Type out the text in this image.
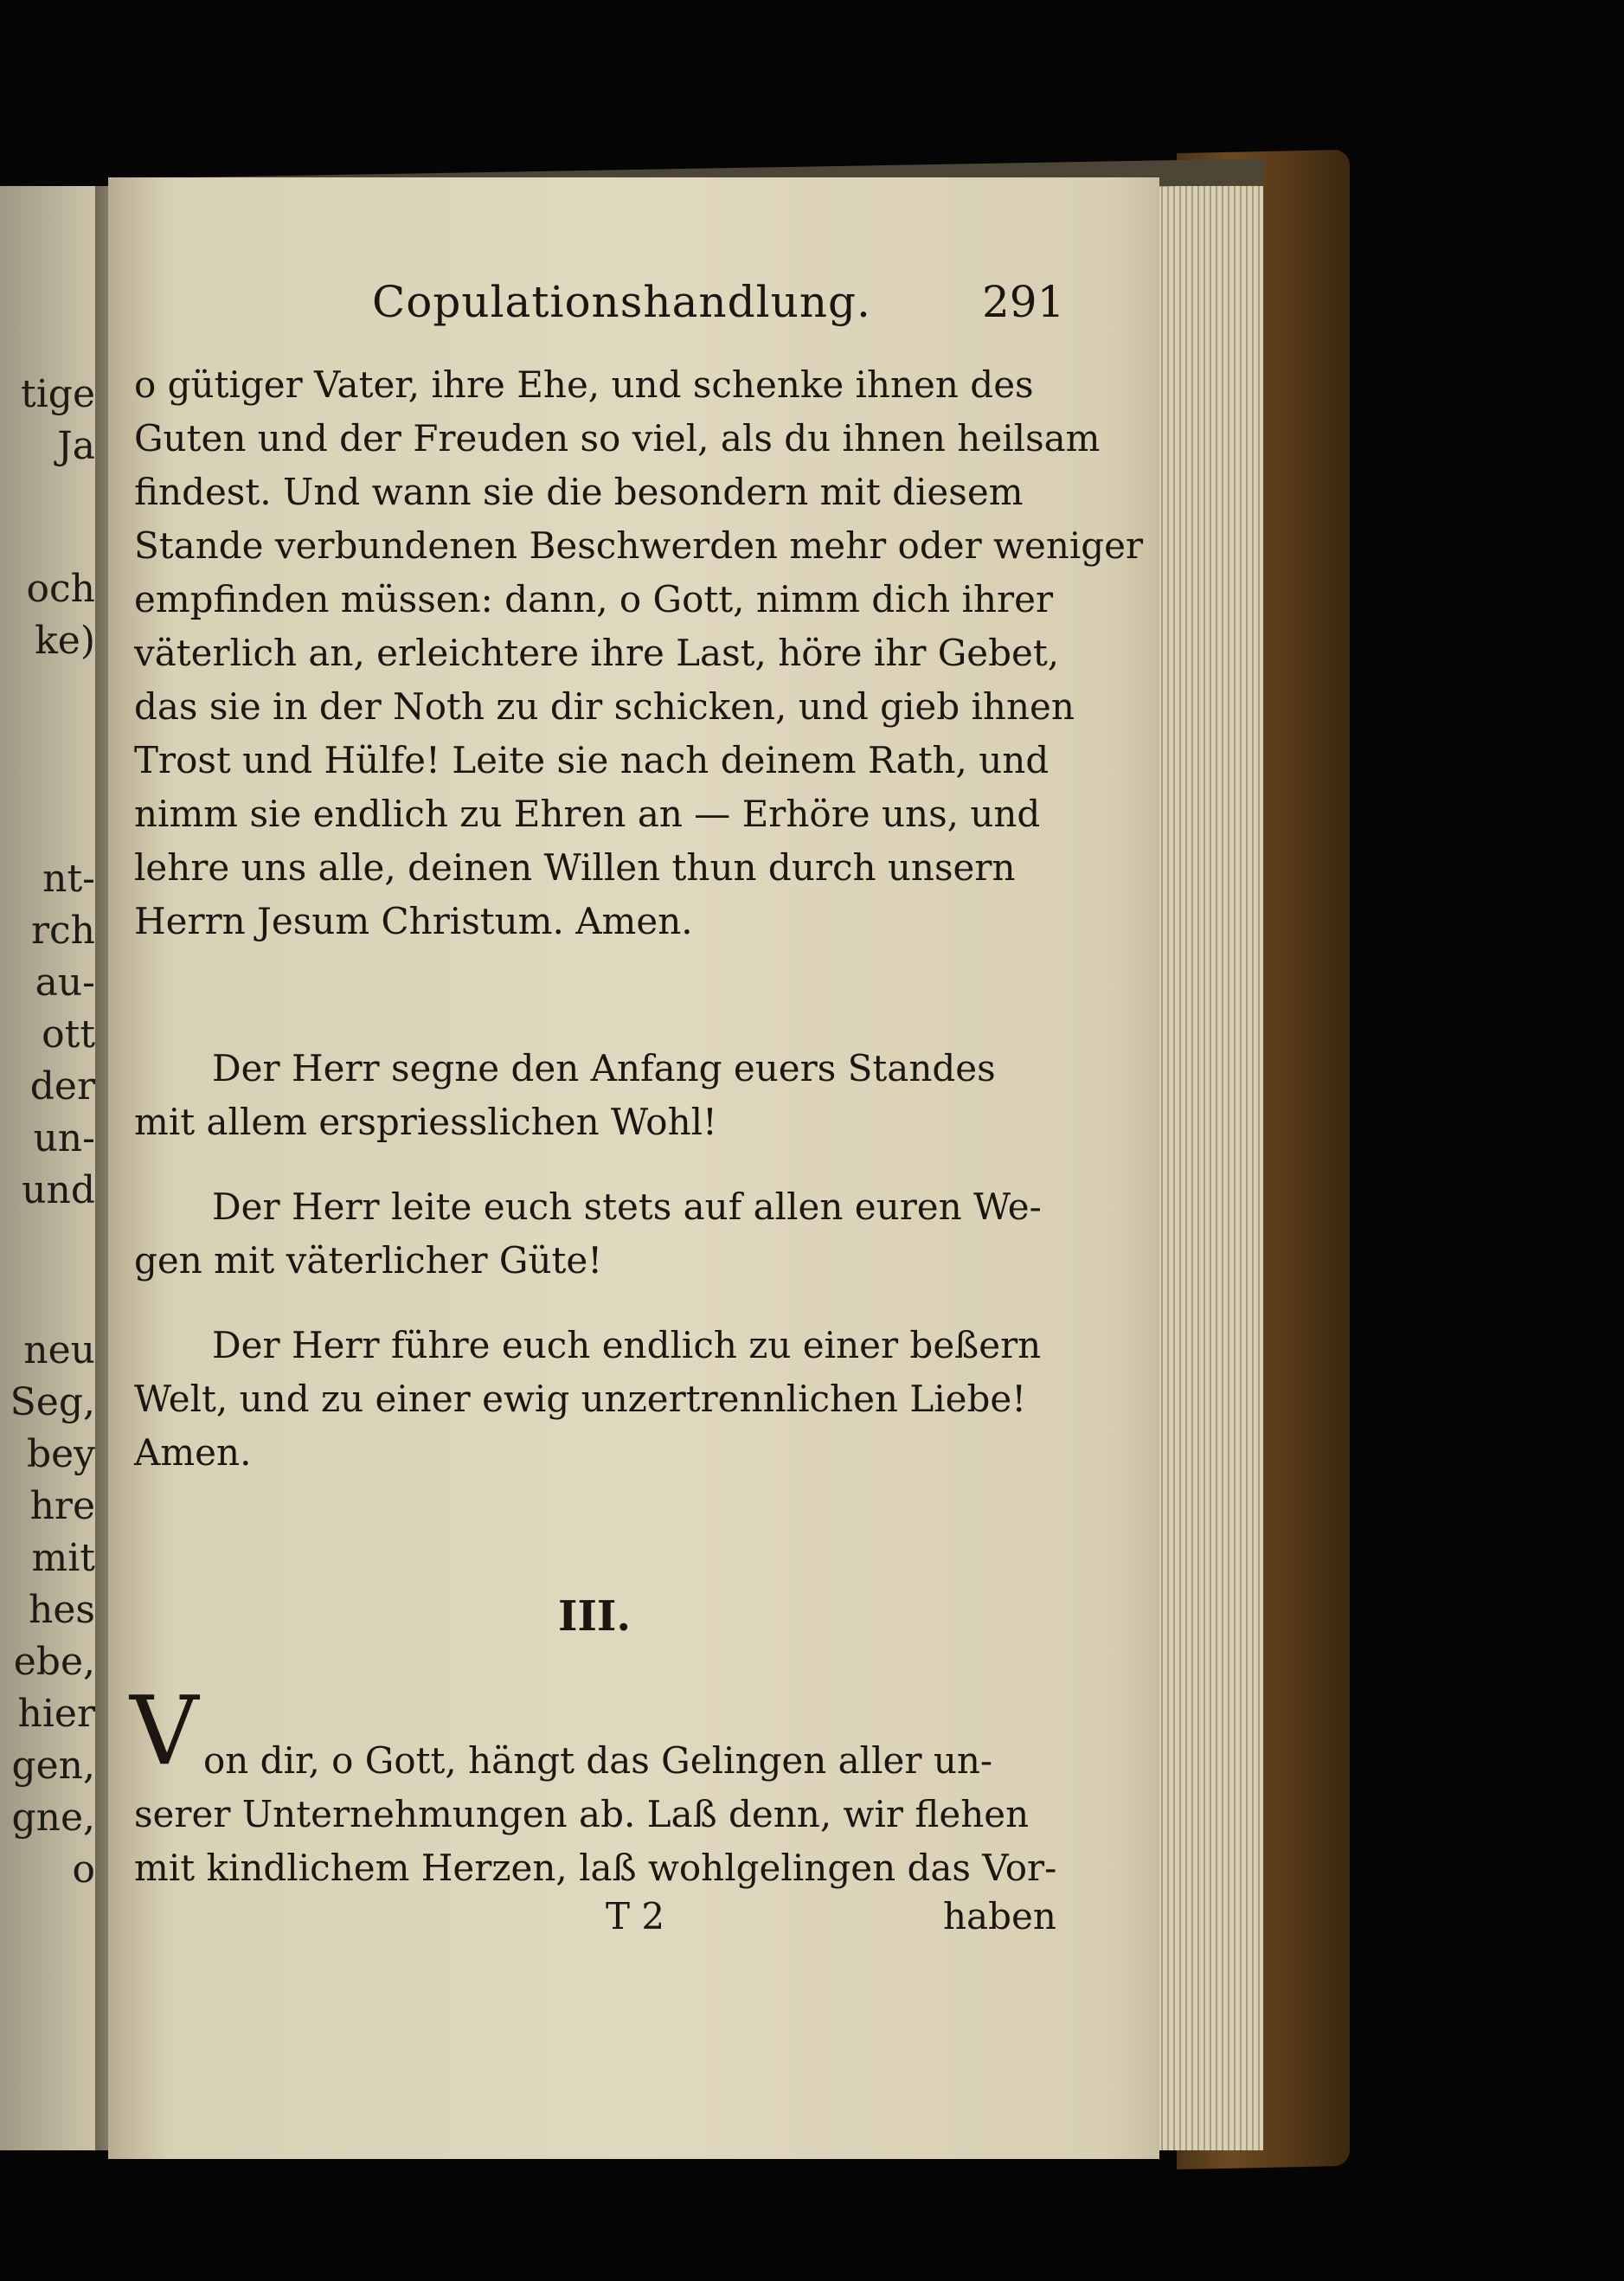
tige
Ja
och
ke)
nt-
rch
au-
ott
der
un-
und
neu
Seg,
bey
hre
mit
hes
ebe,
hier
gen,
gne,
o
Copulationshandlung.	291
o gütiger Vater, ihre Ehe, und schenke ihnen des
Guten und der Freuden so viel, als du ihnen heilsam
findest. Und wann sie die besondern mit diesem
Stande verbundenen Beschwerden mehr oder weniger
empfinden müssen: dann, o Gott, nimm dich ihrer
väterlich an, erleichtere ihre Last, höre ihr Gebet,
das sie in der Noth zu dir schicken, und gieb ihnen
Trost und Hülfe! Leite sie nach deinem Rath, und
nimm sie endlich zu Ehren an — Erhöre uns, und
lehre uns alle, deinen Willen thun durch unsern
Herrn Jesum Christum. Amen.
Der Herr segne den Anfang euers Standes
mit allem erspriesslichen Wohl!
Der Herr leite euch stets auf allen euren We-
gen mit väterlicher Güte!
Der Herr führe euch endlich zu einer beßern
Welt, und zu einer ewig unzertrennlichen Liebe!
Amen.
III.
V on dir, o Gott, hängt das Gelingen aller un-
serer Unternehmungen ab. Laß denn, wir flehen
mit kindlichem Herzen, laß wohlgelingen das Vor-
T 2	haben
